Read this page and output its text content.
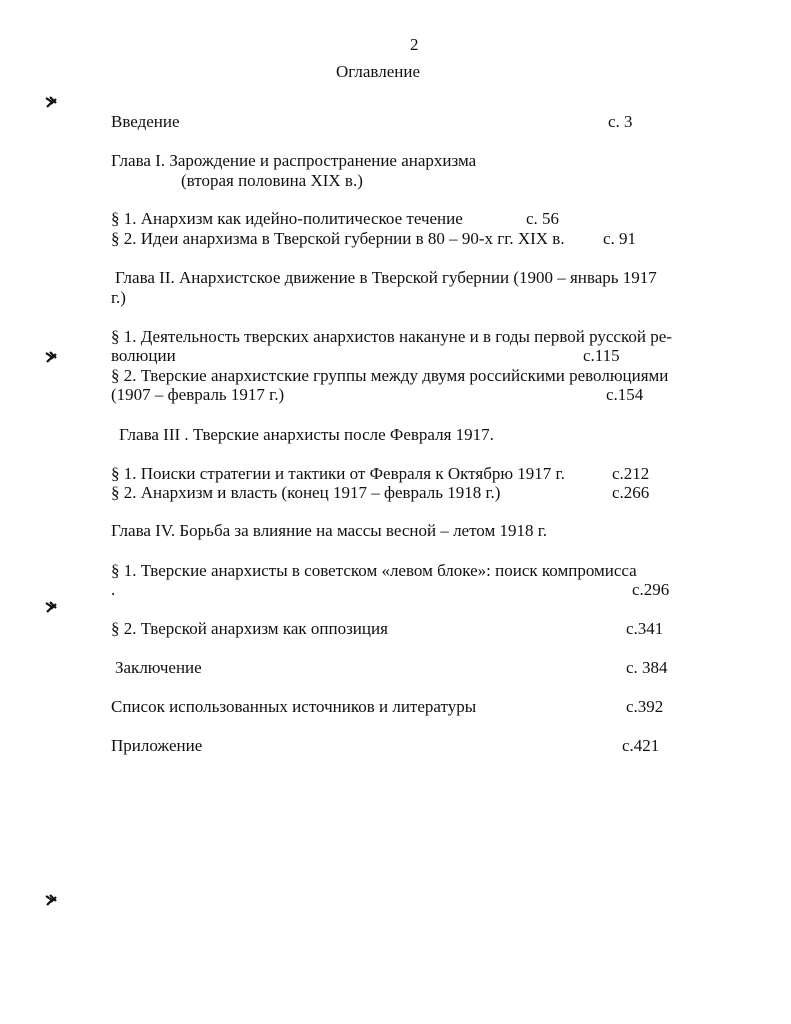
2
Оглавление
Введение	с. 3
Глава I. Зарождение и распространение анархизма
(вторая половина XIX в.)
§ 1. Анархизм как идейно-политическое течение	с. 56
§ 2. Идеи анархизма в Тверской губернии в 80 – 90-х гг. XIX в. с. 91
Глава II. Анархистское движение в Тверской губернии (1900 – январь 1917
г.)
§ 1. Деятельность тверских анархистов накануне и в годы первой русской ре-
волюции	с.115
§ 2. Тверские анархистские группы между двумя российскими революциями
(1907 – февраль 1917 г.)	с.154
Глава III . Тверские анархисты после Февраля 1917.
§ 1. Поиски стратегии и тактики от Февраля к Октябрю 1917 г.	с.212
§ 2. Анархизм и власть (конец 1917 – февраль 1918 г.)	с.266
Глава IV. Борьба за влияние на массы весной – летом 1918 г.
§ 1. Тверские анархисты в советском «левом блоке»: поиск компромисса
.	с.296
§ 2. Тверской анархизм как оппозиция	с.341
Заключение	с. 384
Список использованных источников и литературы	с.392
Приложение	с.421
